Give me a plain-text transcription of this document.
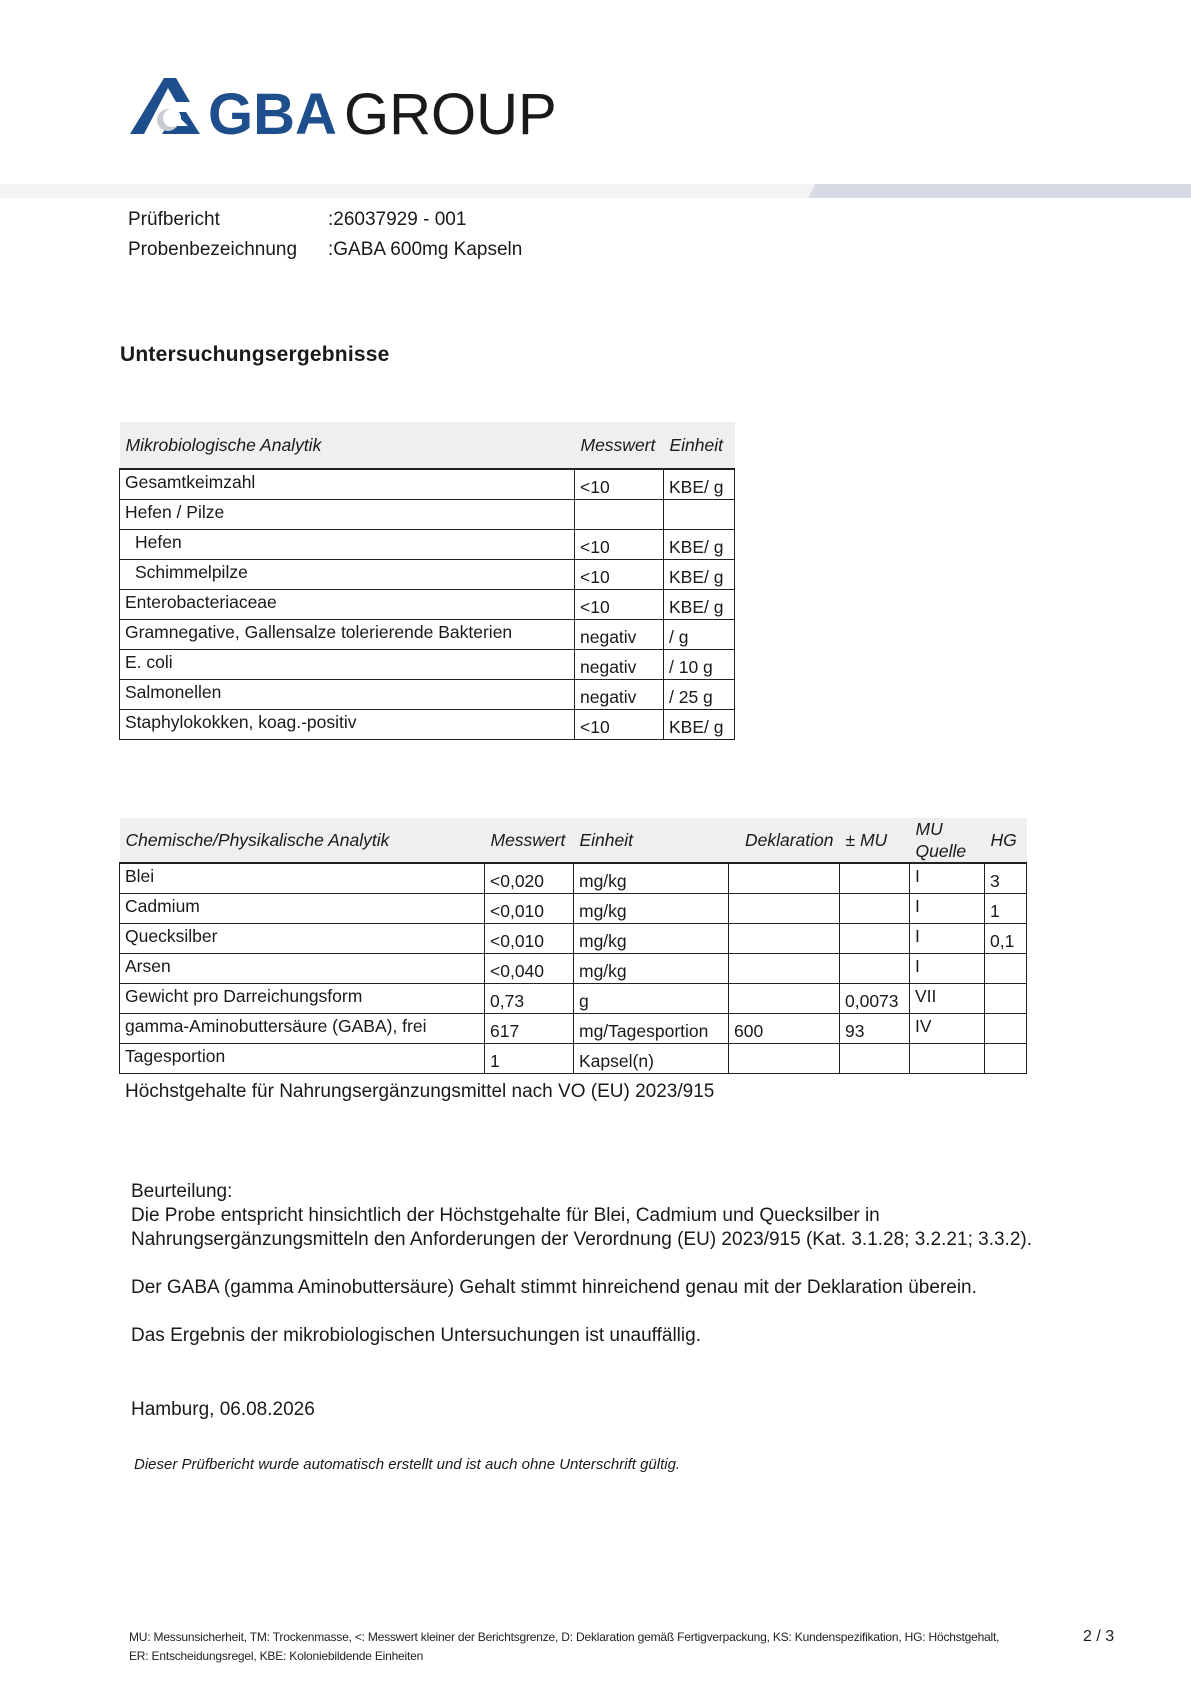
GBA GROUP
Prüfbericht	:26037929 - 001
Probenbezeichnung :GABA 600mg Kapseln
Untersuchungsergebnisse
Mikrobiologische Analytik	Messwert	Einheit
Gesamtkeimzahl	<10	KBE/ g
Hefen / Pilze		
Hefen	<10	KBE/ g
Schimmelpilze	<10	KBE/ g
Enterobacteriaceae	<10	KBE/ g
Gramnegative, Gallensalze tolerierende Bakterien	negativ	/ g
E. coli	negativ	/ 10 g
Salmonellen	negativ	/ 25 g
Staphylokokken, koag.-positiv	<10	KBE/ g
Chemische/Physikalische Analytik	Messwert	Einheit	Deklaration	± MU	MU Quelle	HG
Blei	<0,020	mg/kg			I	3
Cadmium	<0,010	mg/kg			I	1
Quecksilber	<0,010	mg/kg			I	0,1
Arsen	<0,040	mg/kg			I	
Gewicht pro Darreichungsform	0,73	g		0,0073	VII	
gamma-Aminobuttersäure (GABA), frei	617	mg/Tagesportion	600	93	IV	
Tagesportion	1	Kapsel(n)				
Höchstgehalte für Nahrungsergänzungsmittel nach VO (EU) 2023/915
Beurteilung:
Die Probe entspricht hinsichtlich der Höchstgehalte für Blei, Cadmium und Quecksilber in
Nahrungsergänzungsmitteln den Anforderungen der Verordnung (EU) 2023/915 (Kat. 3.1.28; 3.2.21; 3.3.2).
Der GABA (gamma Aminobuttersäure) Gehalt stimmt hinreichend genau mit der Deklaration überein.
Das Ergebnis der mikrobiologischen Untersuchungen ist unauffällig.
Hamburg, 06.08.2026
Dieser Prüfbericht wurde automatisch erstellt und ist auch ohne Unterschrift gültig.
MU: Messunsicherheit, TM: Trockenmasse, <: Messwert kleiner der Berichtsgrenze, D: Deklaration gemäß Fertigverpackung, KS: Kundenspezifikation, HG: Höchstgehalt,
ER: Entscheidungsregel, KBE: Koloniebildende Einheiten
2 / 3
